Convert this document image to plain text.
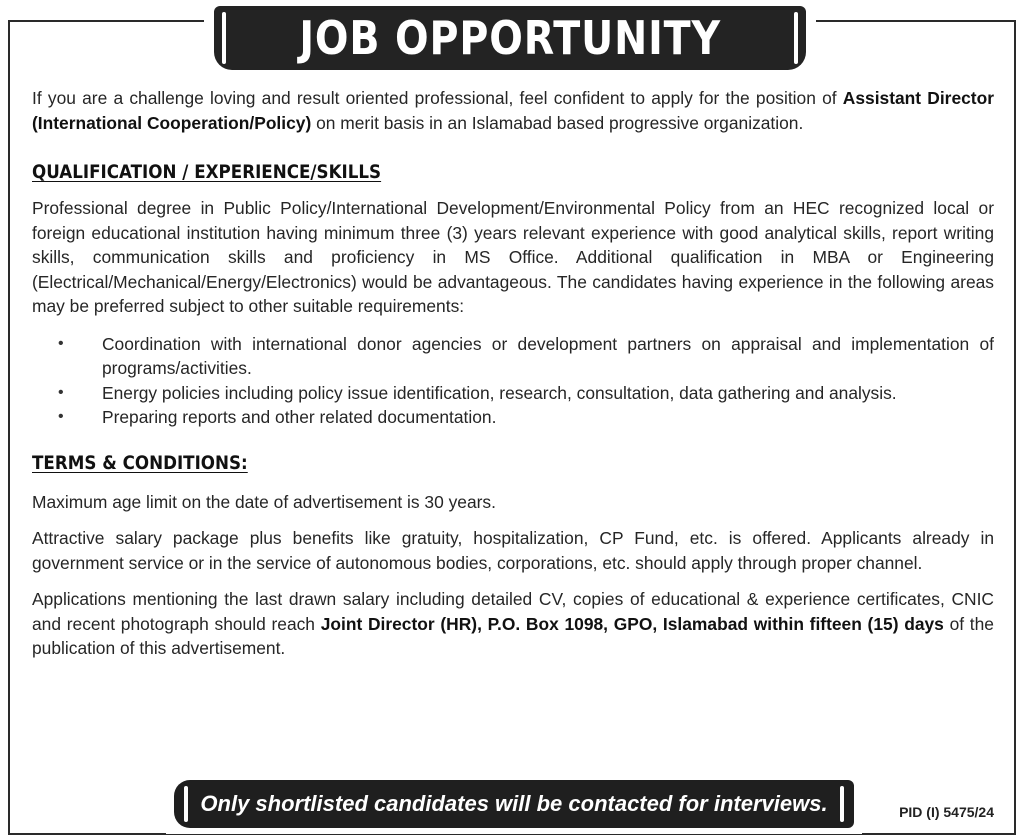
JOB OPPORTUNITY

If you are a challenge loving and result oriented professional, feel confident to apply for the position of Assistant Director (International Cooperation/Policy) on merit basis in an Islamabad based progressive organization.

QUALIFICATION / EXPERIENCE/SKILLS

Professional degree in Public Policy/International Development/Environmental Policy from an HEC recognized local or foreign educational institution having minimum three (3) years relevant experience with good analytical skills, report writing skills, communication skills and proficiency in MS Office. Additional qualification in MBA or Engineering (Electrical/Mechanical/Energy/Electronics) would be advantageous. The candidates having experience in the following areas may be preferred subject to other suitable requirements:

• Coordination with international donor agencies or development partners on appraisal and implementation of programs/activities.
• Energy policies including policy issue identification, research, consultation, data gathering and analysis.
• Preparing reports and other related documentation.
TERMS & CONDITIONS:

Maximum age limit on the date of advertisement is 30 years.

Attractive salary package plus benefits like gratuity, hospitalization, CP Fund, etc. is offered. Applicants already in government service or in the service of autonomous bodies, corporations, etc. should apply through proper channel.

Applications mentioning the last drawn salary including detailed CV, copies of educational & experience certificates, CNIC and recent photograph should reach Joint Director (HR), P.O. Box 1098, GPO, Islamabad within fifteen (15) days of the publication of this advertisement.

Only shortlisted candidates will be contacted for interviews.	PID (I) 5475/24
